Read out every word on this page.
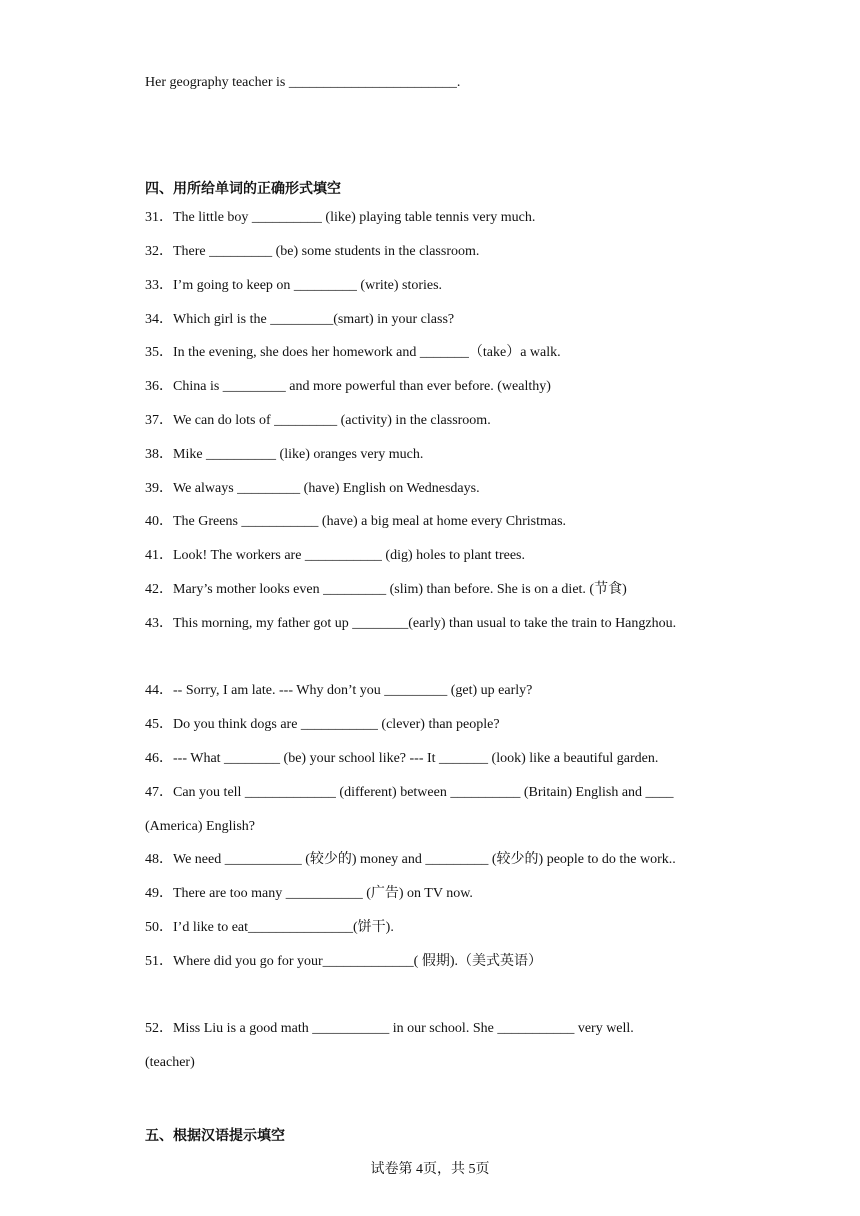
Her geography teacher is ________________________.
四、用所给单词的正确形式填空
31．The little boy __________ (like) playing table tennis very much.
32．There _________ (be) some students in the classroom.
33．I’m going to keep on _________ (write) stories.
34．Which girl is the _________(smart) in your class?
35．In the evening, she does her homework and _______（take）a walk.
36．China is _________ and more powerful than ever before. (wealthy)
37．We can do lots of _________ (activity) in the classroom.
38．Mike __________ (like) oranges very much.
39．We always _________ (have) English on Wednesdays.
40．The Greens ___________ (have) a big meal at home every Christmas.
41．Look! The workers are ___________ (dig) holes to plant trees.
42．Mary’s mother looks even _________ (slim) than before. She is on a diet. (节食)
43．This morning, my father got up ________(early) than usual to take the train to Hangzhou.
44．-- Sorry, I am late. --- Why don’t you _________ (get) up early?
45．Do you think dogs are ___________ (clever) than people?
46．--- What ________ (be) your school like? --- It _______ (look) like a beautiful garden.
47．Can you tell _____________ (different) between __________ (Britain) English and ____
(America) English?
48．We need ___________ (较少的) money and _________ (较少的) people to do the work..
49．There are too many ___________ (广告) on TV now.
50．I’d like to eat_______________(饼干).
51．Where did you go for your_____________( 假期).（美式英语）
52．Miss Liu is a good math ___________ in our school. She ___________ very well.
(teacher)
五、根据汉语提示填空
试卷第 4页，共 5页
